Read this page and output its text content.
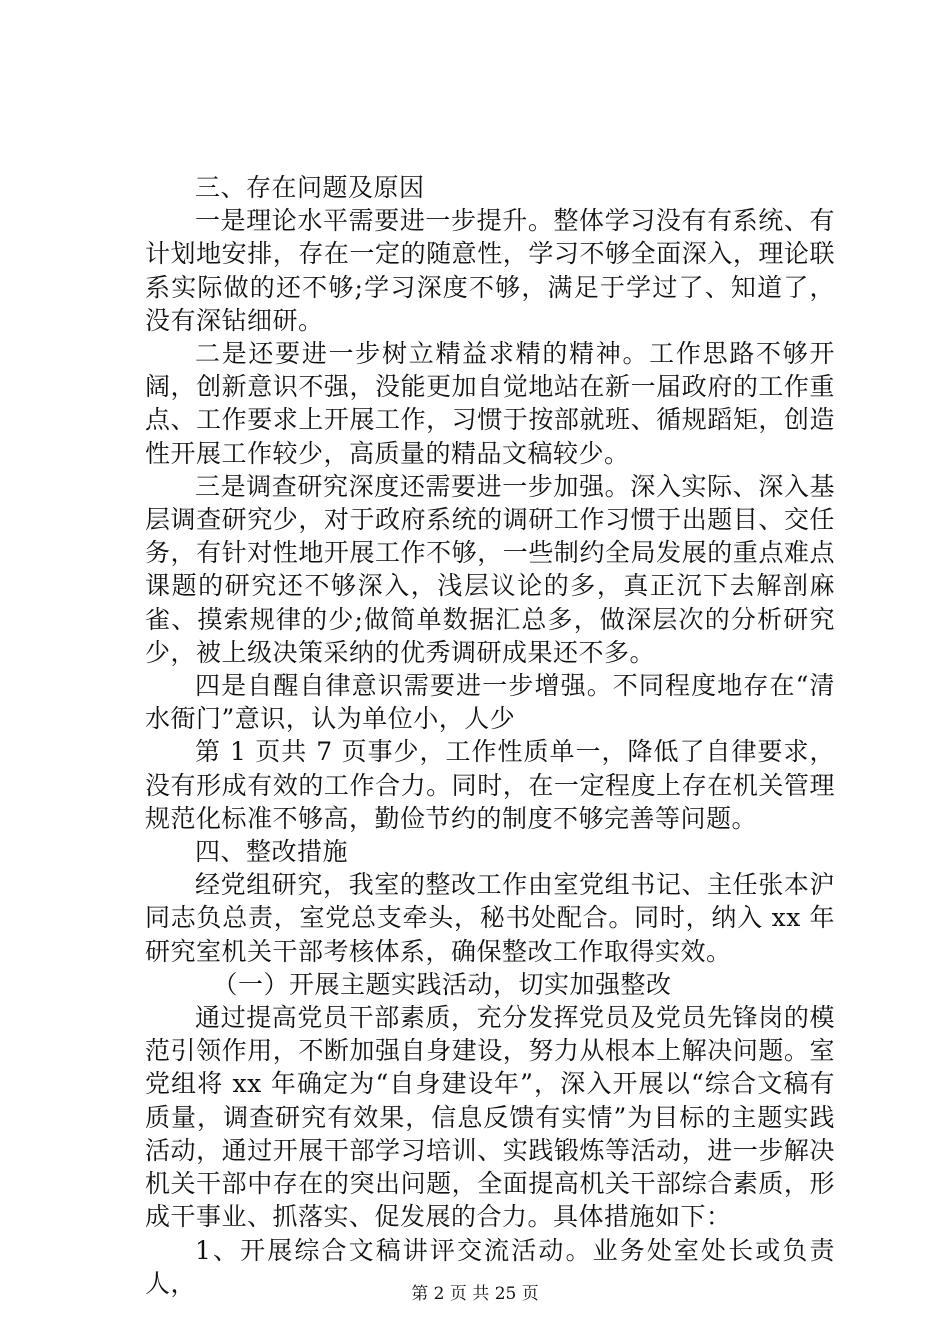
三、存在问题及原因

一是理论水平需要进一步提升。整体学习没有有系统、有计划地安排，存在一定的随意性，学习不够全面深入，理论联系实际做的还不够;学习深度不够，满足于学过了、知道了，没有深钻细研。

二是还要进一步树立精益求精的精神。工作思路不够开阔，创新意识不强，没能更加自觉地站在新一届政府的工作重点、工作要求上开展工作，习惯于按部就班、循规蹈矩，创造性开展工作较少，高质量的精品文稿较少。

三是调查研究深度还需要进一步加强。深入实际、深入基层调查研究少，对于政府系统的调研工作习惯于出题目、交任务，有针对性地开展工作不够，一些制约全局发展的重点难点课题的研究还不够深入，浅层议论的多，真正沉下去解剖麻雀、摸索规律的少;做简单数据汇总多，做深层次的分析研究少，被上级决策采纳的优秀调研成果还不多。

四是自醒自律意识需要进一步增强。不同程度地存在“清水衙门”意识，认为单位小，人少

第 1 页共 7 页事少，工作性质单一，降低了自律要求，没有形成有效的工作合力。同时，在一定程度上存在机关管理规范化标准不够高，勤俭节约的制度不够完善等问题。

四、整改措施

经党组研究，我室的整改工作由室党组书记、主任张本沪同志负总责，室党总支牵头，秘书处配合。同时，纳入 xx 年研究室机关干部考核体系，确保整改工作取得实效。

（一）开展主题实践活动，切实加强整改

通过提高党员干部素质，充分发挥党员及党员先锋岗的模范引领作用，不断加强自身建设，努力从根本上解决问题。室党组将 xx 年确定为“自身建设年”，深入开展以“综合文稿有质量，调查研究有效果，信息反馈有实情”为目标的主题实践活动，通过开展干部学习培训、实践锻炼等活动，进一步解决机关干部中存在的突出问题，全面提高机关干部综合素质，形成干事业、抓落实、促发展的合力。具体措施如下：

1、开展综合文稿讲评交流活动。业务处室处长或负责人，	第 2 页 共 25 页
